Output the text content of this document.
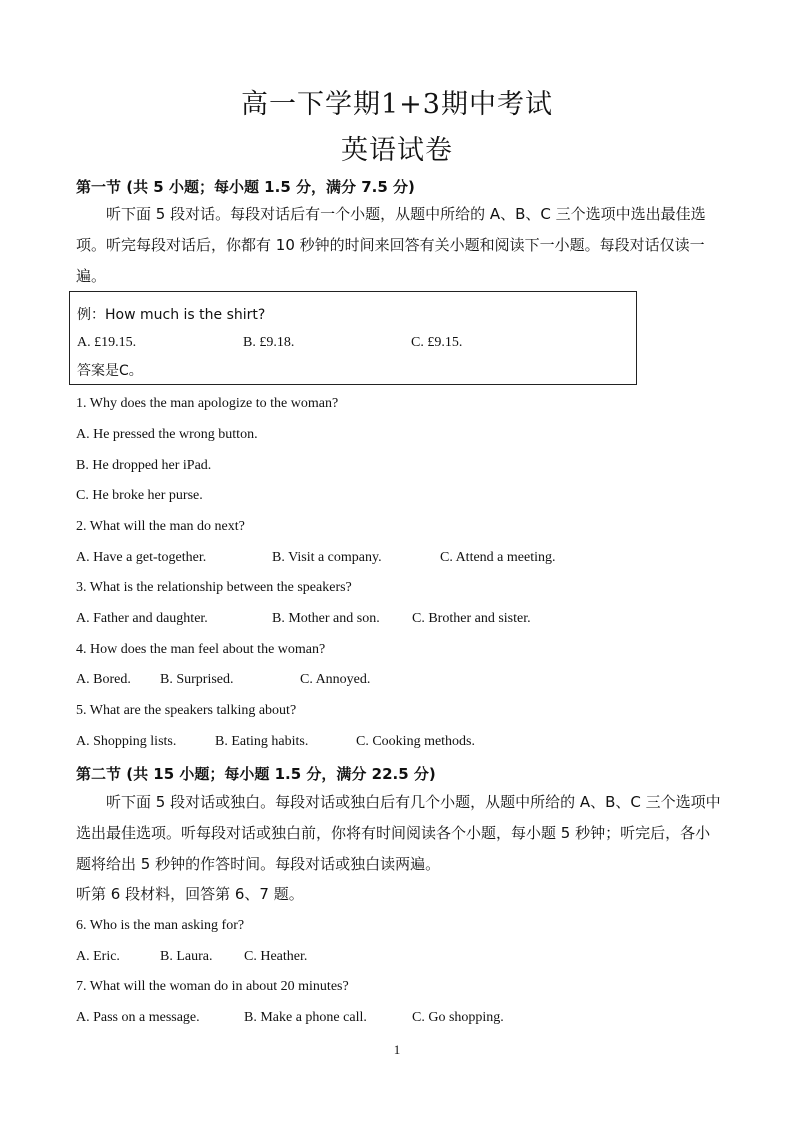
高一下学期1+3期中考试
英语试卷
第一节 (共 5 小题；每小题 1.5 分，满分 7.5 分)
听下面 5 段对话。每段对话后有一个小题，从题中所给的 A、B、C 三个选项中选出最佳选项。听完每段对话后，你都有 10 秒钟的时间来回答有关小题和阅读下一小题。每段对话仅读一遍。
例：How much is the shirt?
A. £19.15.	B. £9.18.	C. £9.15.
答案是C。
1. Why does the man apologize to the woman?
A. He pressed the wrong button.
B. He dropped her iPad.
C. He broke her purse.
2. What will the man do next?
A. Have a get-together.	B. Visit a company.	C. Attend a meeting.
3. What is the relationship between the speakers?
A. Father and daughter.	B. Mother and son. C. Brother and sister.
4. How does the man feel about the woman?
A. Bored. B. Surprised.	C. Annoyed.
5. What are the speakers talking about?
A. Shopping lists.	B. Eating habits.	C. Cooking methods.
第二节 (共 15 小题；每小题 1.5 分，满分 22.5 分)
听下面 5 段对话或独白。每段对话或独白后有几个小题，从题中所给的 A、B、C 三个选项中选出最佳选项。听每段对话或独白前，你将有时间阅读各个小题，每小题 5 秒钟；听完后，各小题将给出 5 秒钟的作答时间。每段对话或独白读两遍。
听第 6 段材料，回答第 6、7 题。
6. Who is the man asking for?
A. Eric.	B. Laura. C. Heather.
7. What will the woman do in about 20 minutes?
A. Pass on a message.	B. Make a phone call.	C. Go shopping.
1
